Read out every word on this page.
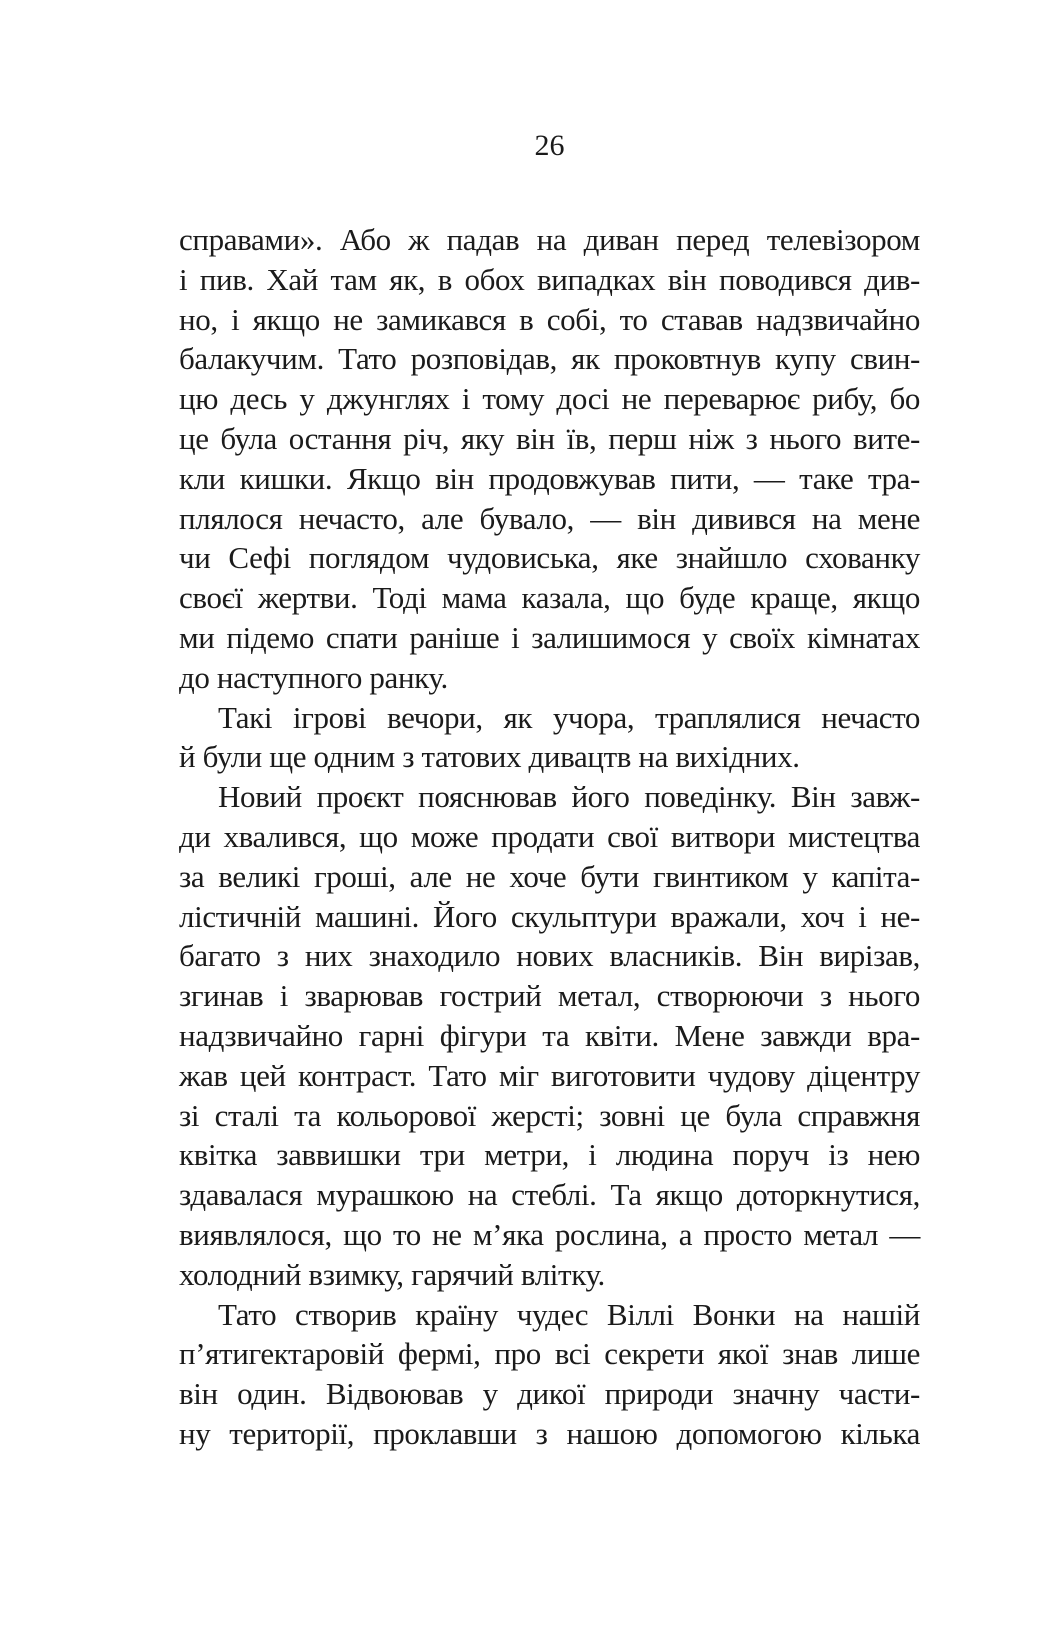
26
справами». Або ж падав на диван перед телевізором
і пив. Хай там як, в обох випадках він поводився див-
но, і якщо не замикався в собі, то ставав надзвичайно
балакучим. Тато розповідав, як проковтнув купу свин-
цю десь у джунглях і тому досі не переварює рибу, бо
це була остання річ, яку він їв, перш ніж з нього вите-
кли кишки. Якщо він продовжував пити, — таке тра-
плялося нечасто, але бувало, — він дивився на мене
чи Сефі поглядом чудовиська, яке знайшло схованку
своєї жертви. Тоді мама казала, що буде краще, якщо
ми підемо спати раніше і залишимося у своїх кімнатах
до наступного ранку.
Такі ігрові вечори, як учора, траплялися нечасто
й були ще одним з татових дивацтв на вихідних.
Новий проєкт пояснював його поведінку. Він завж-
ди хвалився, що може продати свої витвори мистецтва
за великі гроші, але не хоче бути гвинтиком у капіта-
лістичній машині. Його скульптури вражали, хоч і не-
багато з них знаходило нових власників. Він вирізав,
згинав і зварював гострий метал, створюючи з нього
надзвичайно гарні фігури та квіти. Мене завжди вра-
жав цей контраст. Тато міг виготовити чудову діцентру
зі сталі та кольорової жерсті; зовні це була справжня
квітка заввишки три метри, і людина поруч із нею
здавалася мурашкою на стеблі. Та якщо доторкнутися,
виявлялося, що то не м’яка рослина, а просто метал —
холодний взимку, гарячий влітку.
Тато створив країну чудес Віллі Вонки на нашій
п’ятигектаровій фермі, про всі секрети якої знав лише
він один. Відвоював у дикої природи значну части-
ну території, проклавши з нашою допомогою кілька
